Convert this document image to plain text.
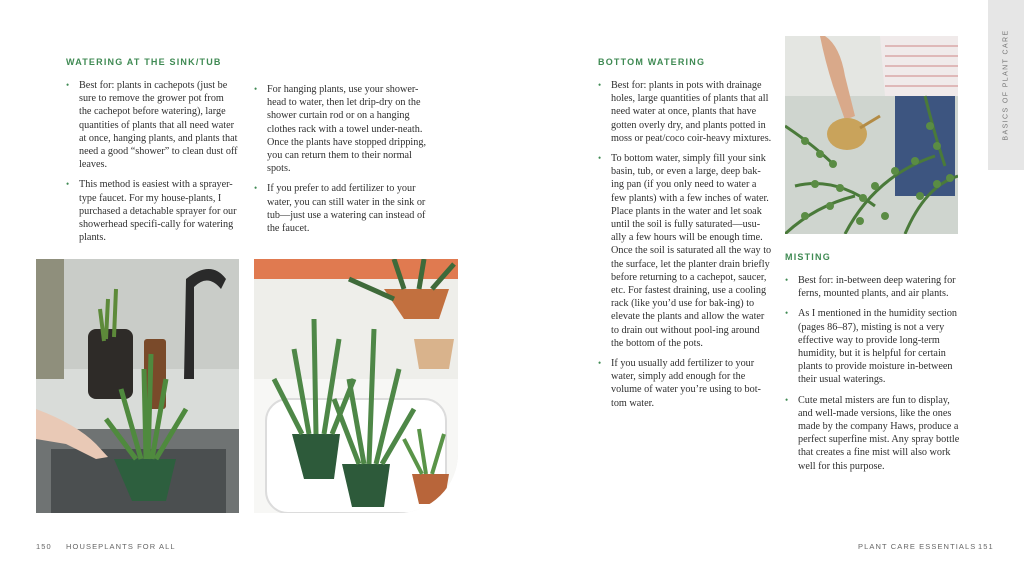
WATERING AT THE SINK/TUB
• Best for: plants in cachepots (just be sure to remove the grower pot from the cachepot before watering), large quantities of plants that all need water at once, hanging plants, and plants that need a good “shower” to clean dust off leaves.
• This method is easiest with a sprayer-type faucet. For my house-plants, I purchased a detachable sprayer for our showerhead specifi-cally for watering plants.
• For hanging plants, use your shower-head to water, then let drip-dry on the shower curtain rod or on a hanging clothes rack with a towel under-neath. Once the plants have stopped dripping, you can return them to their normal spots.
• If you prefer to add fertilizer to your water, you can still water in the sink or tub—just use a watering can instead of the faucet.
150 HOUSEPLANTS FOR ALL
BOTTOM WATERING
• Best for: plants in pots with drainage holes, large quantities of plants that all need water at once, plants that have gotten overly dry, and plants potted in moss or peat/coco coir-heavy mixtures.
• To bottom water, simply fill your sink basin, tub, or even a large, deep bak-ing pan (if you only need to water a few plants) with a few inches of water. Place plants in the water and let soak until the soil is fully saturated—usu-ally a few hours will be enough time. Once the soil is saturated all the way to the surface, let the planter drain briefly before returning to a cachepot, saucer, etc. For fastest draining, use a cooling rack (like you’d use for bak-ing) to elevate the plants and allow the water to drain out without pool-ing around the bottom of the pots.
• If you usually add fertilizer to your water, simply add enough for the volume of water you’re using to bot-tom water.
MISTING
• Best for: in-between deep watering for ferns, mounted plants, and air plants.
• As I mentioned in the humidity section (pages 86–87), misting is not a very effective way to provide long-term humidity, but it is helpful for certain plants to provide moisture in-between their usual waterings.
• Cute metal misters are fun to display, and well-made versions, like the ones made by the company Haws, produce a perfect superfine mist. Any spray bottle that creates a fine mist will also work well for this purpose.
BASICS OF PLANT CARE
PLANT CARE ESSENTIALS 151
